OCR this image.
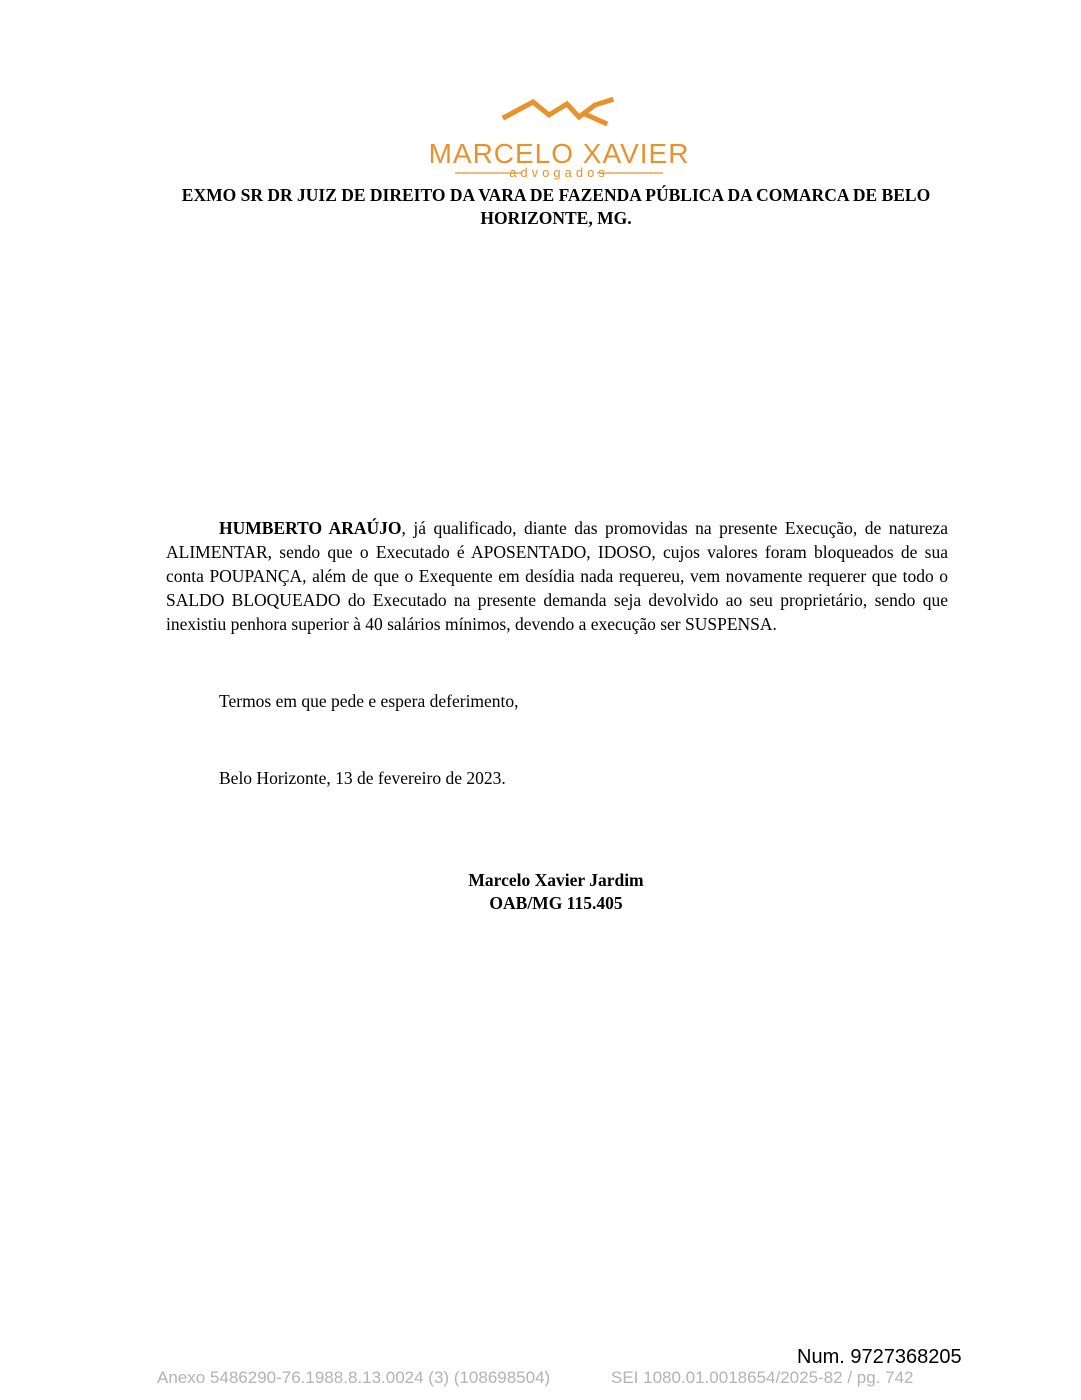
MARCELO XAVIER
advogados
EXMO SR DR JUIZ DE DIREITO DA VARA DE FAZENDA PÚBLICA DA COMARCA DE BELO
HORIZONTE, MG.
HUMBERTO ARAÚJO, já qualificado, diante das promovidas na presente Execução, de natureza ALIMENTAR, sendo que o Executado é APOSENTADO, IDOSO, cujos valores foram bloqueados de sua conta POUPANÇA, além de que o Exequente em desídia nada requereu, vem novamente requerer que todo o SALDO BLOQUEADO do Executado na presente demanda seja devolvido ao seu proprietário, sendo que inexistiu penhora superior à 40 salários mínimos, devendo a execução ser SUSPENSA.
Termos em que pede e espera deferimento,
Belo Horizonte, 13 de fevereiro de 2023.
Marcelo Xavier Jardim
OAB/MG 115.405
Num. 9727368205
Anexo 5486290-76.1988.8.13.0024 (3) (108698504)	SEI 1080.01.0018654/2025-82 / pg. 742
